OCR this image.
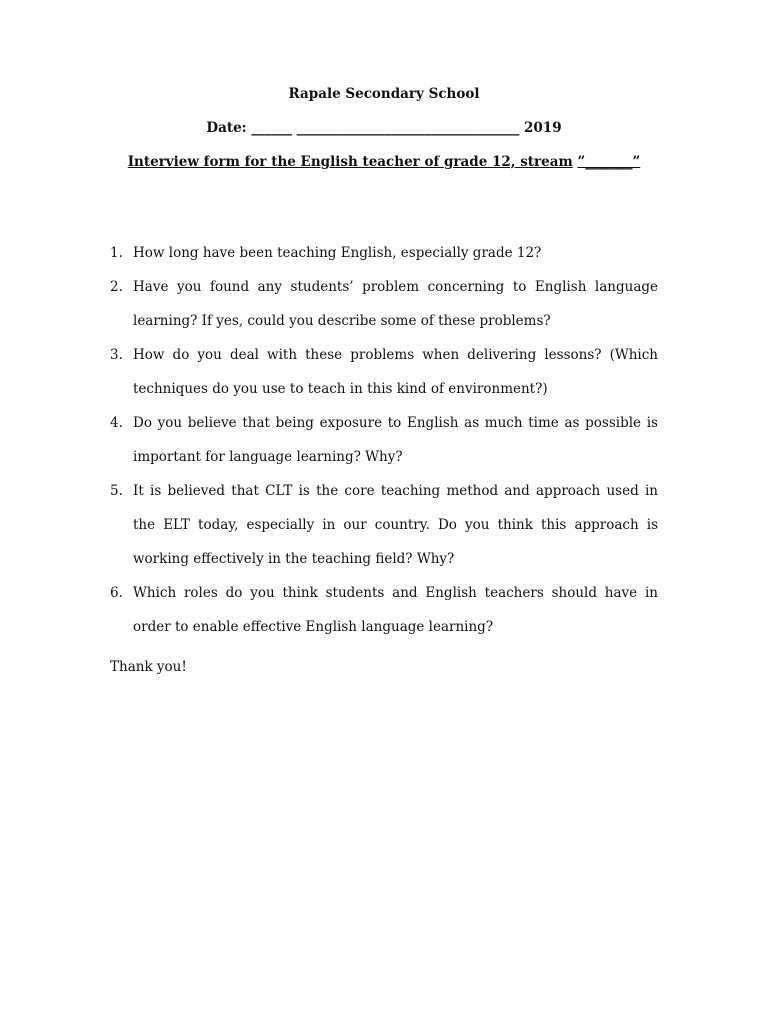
Rapale Secondary School
Date: ______ _________________________________ 2019
Interview form for the English teacher of grade 12, stream ”_______”
1. How long have been teaching English, especially grade 12?
2. Have you found any students’ problem concerning to English language learning? If yes, could you describe some of these problems?
3. How do you deal with these problems when delivering lessons? (Which techniques do you use to teach in this kind of environment?)
4. Do you believe that being exposure to English as much time as possible is important for language learning? Why?
5. It is believed that CLT is the core teaching method and approach used in the ELT today, especially in our country. Do you think this approach is working effectively in the teaching field? Why?
6. Which roles do you think students and English teachers should have in order to enable effective English language learning?
Thank you!
